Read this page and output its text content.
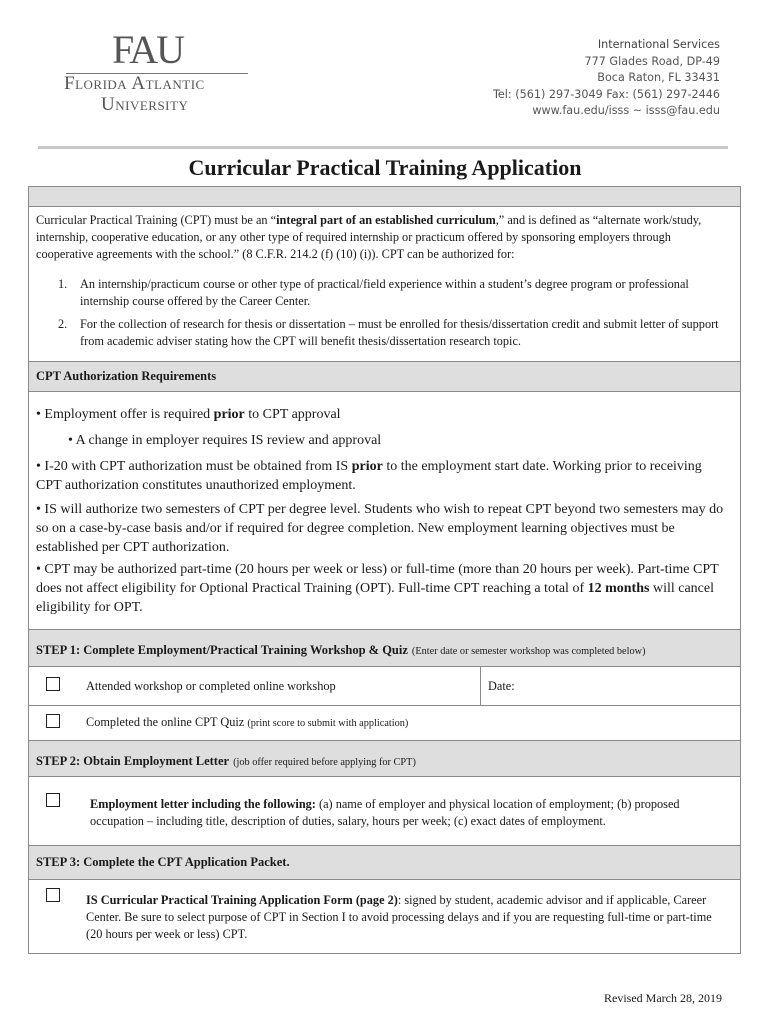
FAU
Florida Atlantic
University
International Services
777 Glades Road, DP-49
Boca Raton, FL 33431
Tel: (561) 297-3049 Fax: (561) 297-2446
www.fau.edu/isss ~ isss@fau.edu
Curricular Practical Training Application
Curricular Practical Training (CPT) must be an “integral part of an established curriculum,” and is defined as “alternate work/study, internship, cooperative education, or any other type of required internship or practicum offered by sponsoring employers through cooperative agreements with the school.” (8 C.F.R. 214.2 (f) (10) (i)). CPT can be authorized for:
1. An internship/practicum course or other type of practical/field experience within a student’s degree program or professional internship course offered by the Career Center.
2. For the collection of research for thesis or dissertation – must be enrolled for thesis/dissertation credit and submit letter of support from academic adviser stating how the CPT will benefit thesis/dissertation research topic.
CPT Authorization Requirements
• Employment offer is required prior to CPT approval
• A change in employer requires IS review and approval
• I-20 with CPT authorization must be obtained from IS prior to the employment start date. Working prior to receiving CPT authorization constitutes unauthorized employment.
• IS will authorize two semesters of CPT per degree level. Students who wish to repeat CPT beyond two semesters may do so on a case-by-case basis and/or if required for degree completion. New employment learning objectives must be established per CPT authorization.
• CPT may be authorized part-time (20 hours per week or less) or full-time (more than 20 hours per week). Part-time CPT does not affect eligibility for Optional Practical Training (OPT). Full-time CPT reaching a total of 12 months will cancel eligibility for OPT.
STEP 1: Complete Employment/Practical Training Workshop & Quiz (Enter date or semester workshop was completed below)
Attended workshop or completed online workshop	Date:
Completed the online CPT Quiz (print score to submit with application)
STEP 2: Obtain Employment Letter (job offer required before applying for CPT)
Employment letter including the following: (a) name of employer and physical location of employment; (b) proposed occupation – including title, description of duties, salary, hours per week; (c) exact dates of employment.
STEP 3: Complete the CPT Application Packet.
IS Curricular Practical Training Application Form (page 2): signed by student, academic advisor and if applicable, Career Center. Be sure to select purpose of CPT in Section I to avoid processing delays and if you are requesting full-time or part-time (20 hours per week or less) CPT.
Revised March 28, 2019
